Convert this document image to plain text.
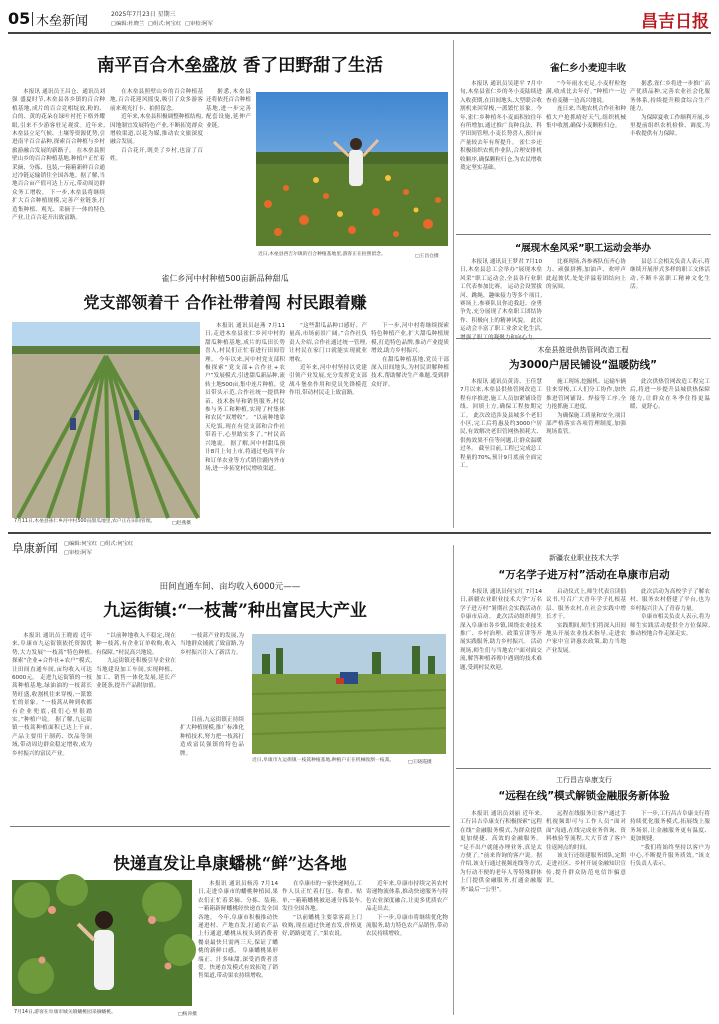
05 木垒新闻	2025年7月23日 星期三
□编辑:杜晓兰 □组式:何宝红 □审校:阿军	昌吉日报
南平百合木垒盛放 香了田野甜了生活

本报讯 通讯员王昌仓、通讯员刘强 盛夏时节,木垒县各乡镇的百合种植基地,成片的百合竞相绽放,粉的、白的、黄的花朵在绿叶衬托下格外耀眼,引来不少游客驻足观赏。近年来,木垒县立足气候、土壤等资源优势,引进南平百合品种,探索百合种植与乡村旅游融合发展的新路子。 在木垒县照壁山乡的百合种植基地,种植户正忙着采摘、分拣、包装,一箱箱新鲜百合通过冷链运输销往全国各地。据了解,当地百合亩产值可达上万元,带动周边群众务工增收。 下一步,木垒县将继续扩大百合种植规模,完善产业链条,打造集种植、观光、采摘于一体的特色产业,让百合花开出致富路。

在木垒县照壁山乡的百合种植基地,百合花迎风摇曳,吸引了众多游客前来观光打卡、拍照留念。

近年来,木垒县积极调整种植结构,因地制宜发展特色产业,不断拓宽群众增收渠道,以花为媒,推动农文旅深度融合发展。

百合花开,既美了乡村,也富了百姓。

据悉,木垒县还将依托百合种植基地,进一步完善配套设施,延伸产业链。

近日,木垒县西吉尔镇的百合种植基地里,游客正在拍照留念。	□王昌仓摄
雀仁乡小麦迎丰收

本报讯 通讯员吴建平 7月中旬,木垒县雀仁乡的冬小麦陆续进入收获期,在田间地头,大型联合收割机来回穿梭,一派繁忙景象。今年,雀仁乡种植冬小麦面积较往年有所增加,通过推广良种良法、科学田间管理,小麦长势喜人,预计亩产量较去年有所提升。 雀仁乡还积极组织农机作业队,合理安排机收顺序,确保颗粒归仓,为农民增收奠定坚实基础。

“今年雨水充足,小麦籽粒饱满,收成比去年好。”种植户一边查看麦穗一边高兴地说。

连日来,当地农机合作社和种植大户抢抓晴好天气,组织机械集中收割,确保小麦颗粒归仓。

据悉,雀仁乡将进一步推广高产优质品种,完善农业社会化服务体系,持续提升粮食综合生产能力。

为保障夏收工作顺利开展,乡里提前组织农机检修、调度,为丰收提供有力保障。

“展现木垒风采”职工运动会举办

本报讯 通讯员王梦君 7月10日,木垒县总工会举办“展现木垒风采”职工运动会,全县各行业职工代表参加比赛。 运动会设置拔河、跳绳、趣味接力等多个项目,赛场上,参赛队员你追我赶、奋勇争先,充分展现了木垒职工团结协作、积极向上的精神风貌。 此次运动会丰富了职工业余文化生活,

比赛现场,各参赛队伍齐心协力、顽强拼搏,加油声、欢呼声此起彼伏,处处洋溢着团结向上的氛围。

县总工会相关负责人表示,将继续开展形式多样的职工文体活动,不断丰富职工精神文化生活。

木垒县推进供热管网改造工程
为3000户居民铺设“温暖防线”

本报讯 通讯员黄涛、王佳慧 7月以来,木垒县供热管网改造工程有序推进,施工人员加紧铺设管线、回填土方,确保工程按期完工。 此次改造涉及县城多个老旧小区,完工后将惠及约3000户居民,有效解决老旧管网热损耗大、供热效果不佳等问题,让群众温暖过冬。 截至目前,工程已完成总工程量的70%,预计9月底前全面完工。

施工现场,挖掘机、运输车辆往来穿梭,工人们分工协作,加快推进管网铺设、焊接等工序,全力抢抓施工进度。

为确保施工质量和安全,项目部严格落实各项管理制度,加强现场监管。

此次供热管网改造工程完工后,将进一步提升县城供热保障能力,让群众在冬季住得更温暖、更舒心。

雀仁乡河中村种植500亩新品种甜瓜
党支部领着干 合作社带着闯 村民跟着赚
7月11日,木垒县雀仁乡河中村500亩甜瓜地里,农户正在田间管理。	□赵燕摄

本报讯 通讯员赵燕 7月11日,走进木垒县雀仁乡河中村的甜瓜种植基地,成片的瓜田长势喜人,村民们正忙着进行田间管理。 今年以来,河中村党支部积极探索“党支部+合作社+农户”发展模式,引进甜瓜新品种,流转土地500亩,集中连片种植。党员带头示范,合作社统一提供种苗、技术指导和销售服务,村民参与务工和种植,实现了村集体和农民“双增收”。 “以前种地靠天吃饭,现在有党支部和合作社带着干,心里踏实多了。”村民高兴地说。 据了解,河中村甜瓜预计8月上旬上市,将通过电商平台和订单农业等方式销往疆内外市场,进一步拓宽村民增收渠道。

“这些甜瓜品种口感好、产量高,市场前景广阔。”合作社负责人介绍,合作社通过统一管理,让村民在家门口就能实现就业增收。

近年来,河中村坚持以党建引领产业发展,充分发挥党支部战斗堡垒作用和党员先锋模范作用,带动村民走上致富路。

下一步,河中村将继续探索特色种植产业,扩大甜瓜种植规模,打造特色品牌,推动产业提质增效,助力乡村振兴。

在甜瓜种植基地,党员干部深入田间地头,为村民讲解种植技术,帮助解决生产难题,受到群众好评。

阜康新闻 □编辑:何宝红 □组式:何宝红
□审校:阿军
田间直通车间、亩均收入6000元——
九运街镇:“一枝蒿”种出富民大产业

本报讯 通讯员王晓霞 近年来,阜康市九运街镇依托资源优势,大力发展“一枝蒿”特色种植,探索“企业+合作社+农户”模式,让田间直通车间,亩均收入可达6000元。 走进九运街镇的一枝蒿种植基地,绿油油的一枝蒿长势旺盛,收割机往来穿梭,一派繁忙的景象。“一枝蒿从种到收都有企业兜底,我们心里很踏实。”种植户说。 据了解,九运街镇一枝蒿种植面积已达上千亩,产品主要用于制药、饮品等领域,带动周边群众稳定增收,成为乡村振兴的富民产业。

“以前种地收入不稳定,现在种一枝蒿,有企业订单收购,收入有保障。”村民高兴地说。

九运街镇还积极引导企业在当地建设加工车间,实现种植、加工、销售一体化发展,延长产业链条,提升产品附加值。

一枝蒿产业的发展,为当地群众铺就了致富路,为乡村振兴注入了新活力。

近日,阜康市九运街镇一枝蒿种植基地,种植户正在机械收割一枝蒿。	□王晓霞摄

目前,九运街镇正持续扩大种植规模,推广标准化种植技术,努力把一枝蒿打造成富民强镇的特色品牌。

快递直发让阜康蟠桃“鲜”达各地
7月14日,游客在阜康市城关镇蟠桃园采摘蟠桃。	□杨涛摄

本报讯 通讯员杨涛 7月14日,走进阜康市的蟠桃种植园,果农们正忙着采摘、分拣、装箱,一箱箱新鲜蟠桃经快递直发全国各地。 今年,阜康市积极推动快递进村、产地直发,打通农产品上行通道,蟠桃从枝头到消费者餐桌最快只需两三天,保证了蟠桃的新鲜口感。 阜康蟠桃果形端正、汁多味甜,深受消费者喜爱。快递直发模式有效拓宽了销售渠道,带动果农持续增收。

在阜康市的一家快递网点,工作人员正忙着打包、称重、贴单,一箱箱蟠桃被迅速分拣装车,发往全国各地。

“以前蟠桃主要靠客商上门收购,现在通过快递直发,价格更好,销路更宽了。”果农说。

近年来,阜康市持续完善农村寄递物流体系,推动快递服务与特色农业深度融合,让更多优质农产品走出去。

下一步,阜康市将继续优化物流服务,助力特色农产品销售,带动农民持续增收。

新疆农业职业技术大学
“万名学子进万村”活动在阜康市启动

本报讯 通讯员何宝红 7月14日,新疆农业职业技术大学“万名学子进万村”暑期社会实践活动在阜康市启动。 此次活动组织师生深入阜康市各乡镇,围绕农业技术推广、乡村治理、政策宣讲等开展实践服务,助力乡村振兴。 活动现场,师生们与当地农户面对面交流,解答种植养殖中遇到的技术难题,受到村民欢迎。

启动仪式上,师生代表宣读倡议书,号召广大青年学子扎根基层、服务农村,在社会实践中增长才干。

实践期间,师生们将深入田间地头开展农业技术指导,走进农户家中宣讲惠农政策,助力当地产业发展。

此次活动为高校学子了解农村、服务农村搭建了平台,也为乡村振兴注入了青春力量。

阜康市相关负责人表示,将为师生实践活动提供全方位保障,推动校地合作走深走实。

工行昌吉阜康支行
“远程在线”模式解锁金融服务新体验

本报讯 通讯员刘丽 近年来,工行昌吉阜康支行积极探索“远程在线”金融服务模式,为群众提供更加便捷、高效的金融服务。 “足不出户就能办理业务,真是太方便了。”前来咨询的客户说。据介绍,该支行通过视频连线等方式,为行动不便的老年人等特殊群体上门提供金融服务,打通金融服务“最后一公里”。

远程在线服务让客户通过手机视频即可与工作人员“面对面”沟通,在线完成业务咨询、资料核验等流程,大大节省了客户往返网点的时间。

该支行还组建服务团队,定期走进社区、乡村开展金融知识宣传,提升群众防范电信诈骗意识。

下一步,工行昌吉阜康支行将持续优化服务模式,拓展线上服务场景,让金融服务更有温度、更加便捷。

“我们将始终坚持以客户为中心,不断提升服务质效。”该支行负责人表示。
